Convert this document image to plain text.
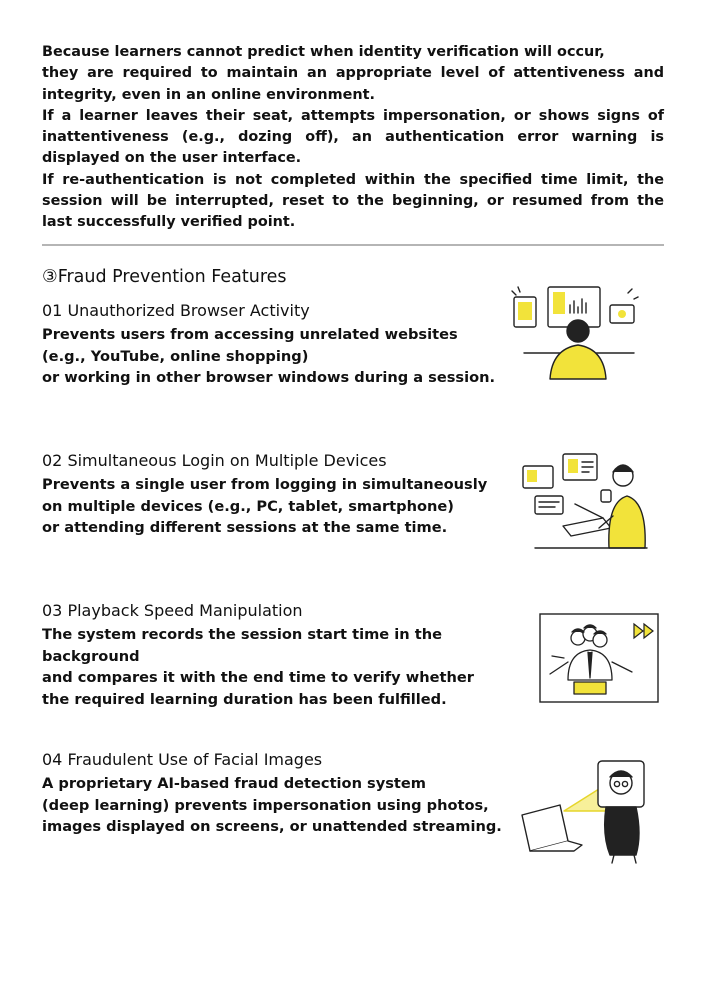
Because learners cannot predict when identity verification will occur,

they are required to maintain an appropriate level of attentiveness and integrity, even in an online environment.

If a learner leaves their seat, attempts impersonation, or shows signs of inattentiveness (e.g., dozing off), an authentication error warning is displayed on the user interface.

If re-authentication is not completed within the specified time limit, the session will be interrupted, reset to the beginning, or resumed from the last successfully verified point.

③Fraud Prevention Features
01 Unauthorized Browser Activity

Prevents users from accessing unrelated websites
(e.g., YouTube, online shopping)
or working in other browser windows during a session.

02 Simultaneous Login on Multiple Devices

Prevents a single user from logging in simultaneously
on multiple devices (e.g., PC, tablet, smartphone)
or attending different sessions at the same time.

03 Playback Speed Manipulation

The system records the session start time in the background
and compares it with the end time to verify whether
the required learning duration has been fulfilled.

04 Fraudulent Use of Facial Images

A proprietary AI-based fraud detection system
(deep learning) prevents impersonation using photos,
images displayed on screens, or unattended streaming.
